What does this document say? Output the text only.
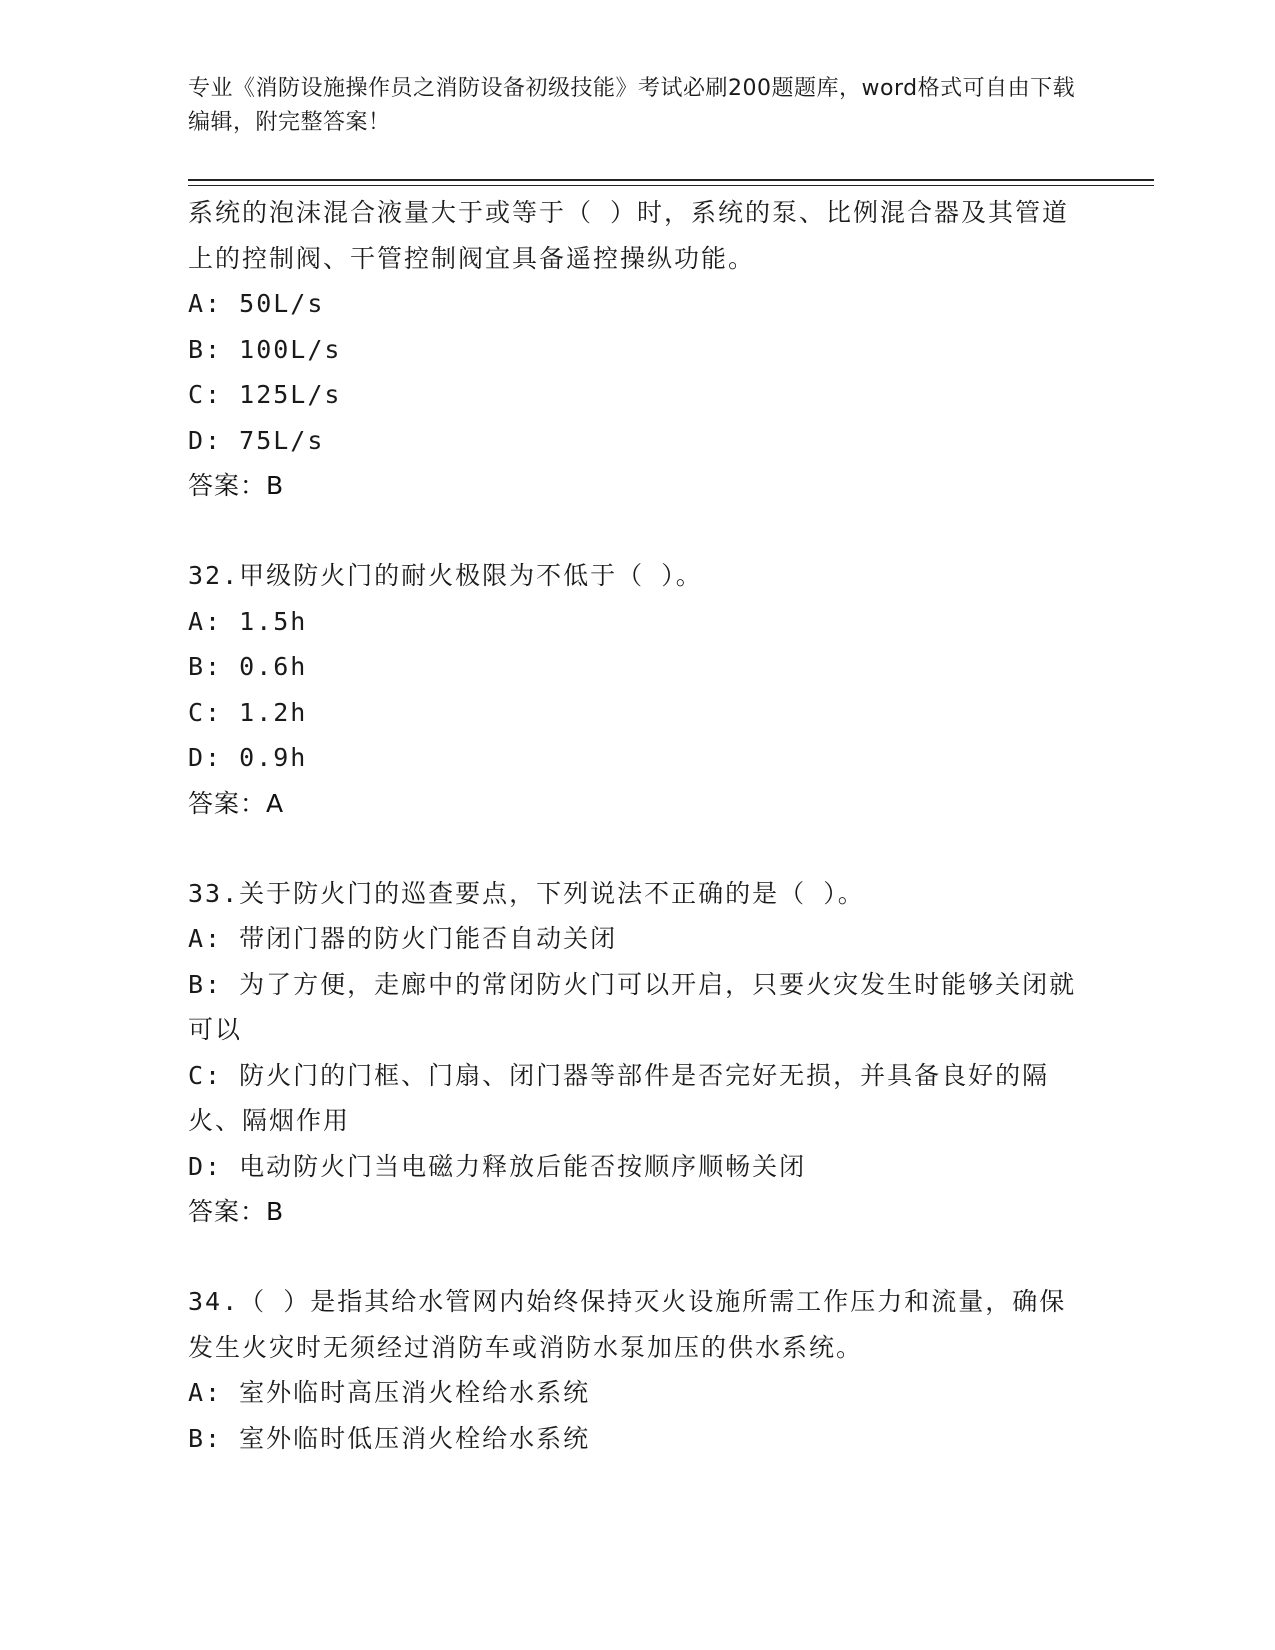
专业《消防设施操作员之消防设备初级技能》考试必刷200题题库，word格式可自由下载编辑，附完整答案！

系统的泡沫混合液量大于或等于（ ）时，系统的泵、比例混合器及其管道上的控制阀、干管控制阀宜具备遥控操纵功能。

A: 50L/s

B: 100L/s

C: 125L/s

D: 75L/s

答案：B

32.甲级防火门的耐火极限为不低于（ ）。

A: 1.5h

B: 0.6h

C: 1.2h

D: 0.9h

答案：A

33.关于防火门的巡查要点，下列说法不正确的是（ ）。

A: 带闭门器的防火门能否自动关闭

B: 为了方便，走廊中的常闭防火门可以开启，只要火灾发生时能够关闭就可以

C: 防火门的门框、门扇、闭门器等部件是否完好无损，并具备良好的隔火、隔烟作用

D: 电动防火门当电磁力释放后能否按顺序顺畅关闭

答案：B

34.（ ）是指其给水管网内始终保持灭火设施所需工作压力和流量，确保发生火灾时无须经过消防车或消防水泵加压的供水系统。

A: 室外临时高压消火栓给水系统

B: 室外临时低压消火栓给水系统
